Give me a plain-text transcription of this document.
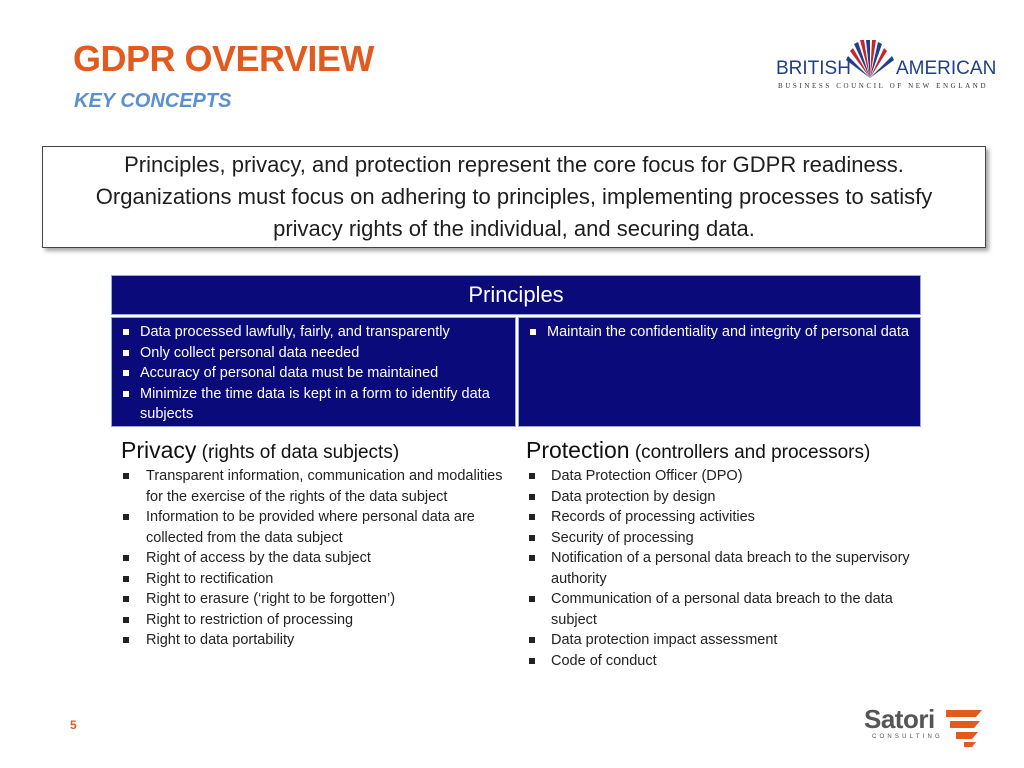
GDPR OVERVIEW
KEY CONCEPTS
BRITISH AMERICAN
BUSINESS COUNCIL OF NEW ENGLAND

Principles, privacy, and protection represent the core focus for GDPR readiness. Organizations must focus on adhering to principles, implementing processes to satisfy privacy rights of the individual, and securing data.

Principles
Data processed lawfully, fairly, and transparently
Only collect personal data needed
Accuracy of personal data must be maintained
Minimize the time data is kept in a form to identify data subjects
Maintain the confidentiality and integrity of personal data

Privacy (rights of data subjects)

Transparent information, communication and modalities for the exercise of the rights of the data subject
Information to be provided where personal data are collected from the data subject
Right of access by the data subject
Right to rectification
Right to erasure (‘right to be forgotten’)
Right to restriction of processing
Right to data portability

Protection (controllers and processors)

Data Protection Officer (DPO)
Data protection by design
Records of processing activities
Security of processing
Notification of a personal data breach to the supervisory authority
Communication of a personal data breach to the data subject
Data protection impact assessment
Code of conduct
5	Satori
CONSULTING
